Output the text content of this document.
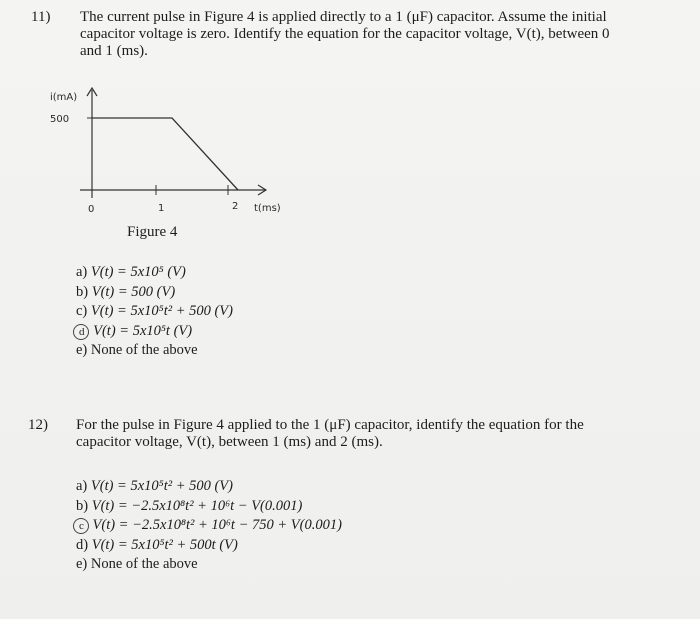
11) The current pulse in Figure 4 is applied directly to a 1 (μF) capacitor. Assume the initial
capacitor voltage is zero. Identify the equation for the capacitor voltage, V(t), between 0
and 1 (ms).
i(mA)
500
0	1	2 t(ms)
Figure 4
a) V(t) = 5x10⁵ (V)
b) V(t) = 500 (V)
c) V(t) = 5x10⁵t² + 500 (V)
d V(t) = 5x10⁵t (V)
e) None of the above
12) For the pulse in Figure 4 applied to the 1 (μF) capacitor, identify the equation for the
capacitor voltage, V(t), between 1 (ms) and 2 (ms).
a) V(t) = 5x10⁵t² + 500 (V)
b) V(t) = −2.5x10⁸t² + 10⁶t − V(0.001)
c V(t) = −2.5x10⁸t² + 10⁶t − 750 + V(0.001)
d) V(t) = 5x10⁵t² + 500t (V)
e) None of the above
